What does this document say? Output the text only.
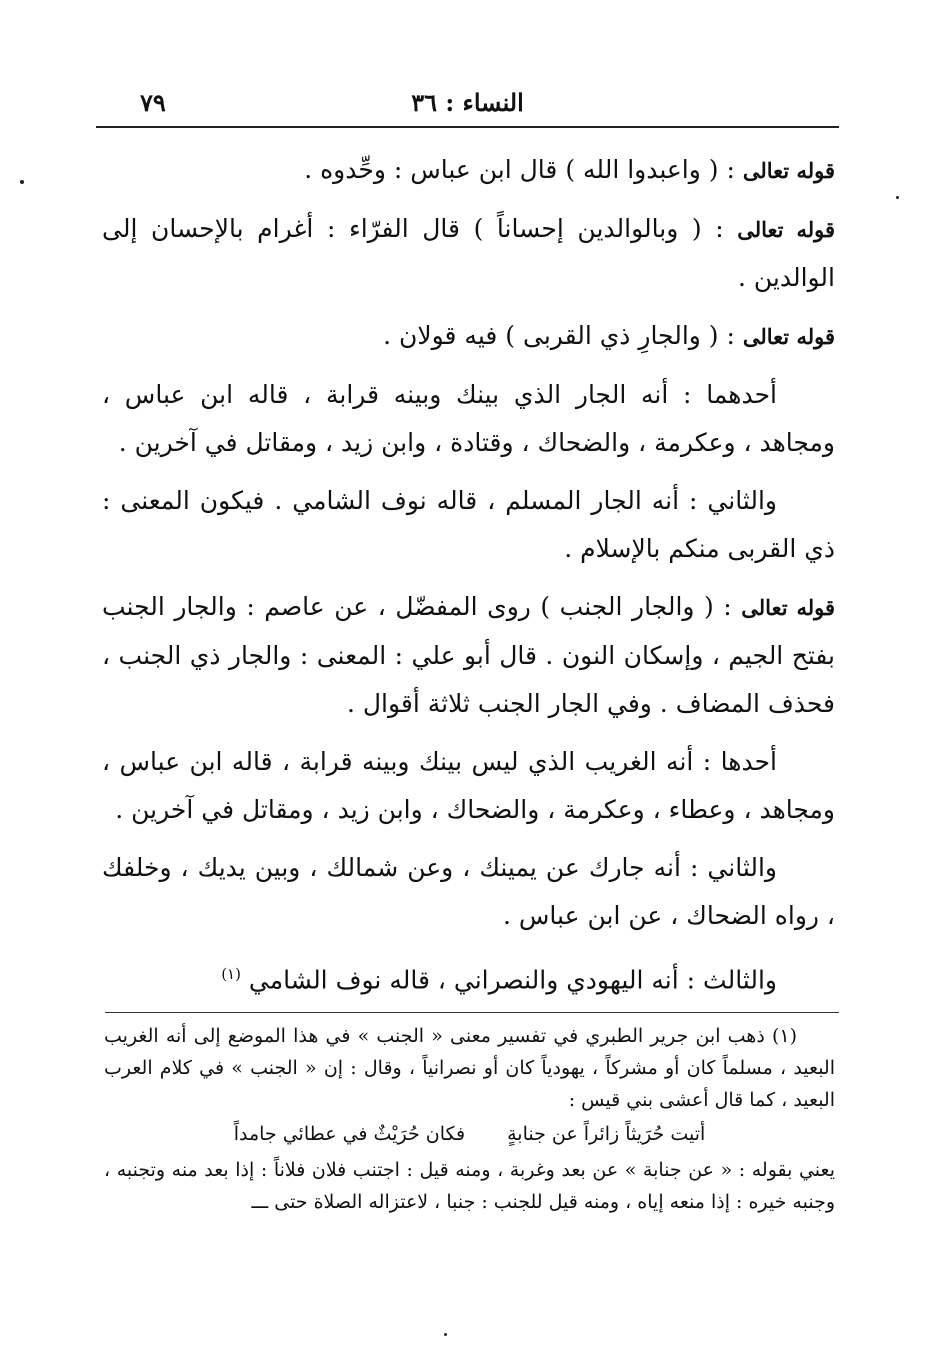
٧٩	النساء : ٣٦

قوله تعالى : ( واعبدوا الله ) قال ابن عباس : وحِّدوه .

قوله تعالى : ( وبالوالدين إحساناً ) قال الفرّاء : أغرام بالإحسان إلى الوالدين .

قوله تعالى : ( والجارِ ذي القربى ) فيه قولان .

أحدهما : أنه الجار الذي بينك وبينه قرابة ، قاله ابن عباس ، ومجاهد ، وعكرمة ، والضحاك ، وقتادة ، وابن زيد ، ومقاتل في آخرين .

والثاني : أنه الجار المسلم ، قاله نوف الشامي . فيكون المعنى : ذي القربى منكم بالإسلام .

قوله تعالى : ( والجار الجنب ) روى المفضّل ، عن عاصم : والجار الجنب بفتح الجيم ، وإسكان النون . قال أبو علي : المعنى : والجار ذي الجنب ، فحذف المضاف . وفي الجار الجنب ثلاثة أقوال .

أحدها : أنه الغريب الذي ليس بينك وبينه قرابة ، قاله ابن عباس ، ومجاهد ، وعطاء ، وعكرمة ، والضحاك ، وابن زيد ، ومقاتل في آخرين .

والثاني : أنه جارك عن يمينك ، وعن شمالك ، وبين يديك ، وخلفك ، رواه الضحاك ، عن ابن عباس .

والثالث : أنه اليهودي والنصراني ، قاله نوف الشامي $^{(١)}$

(١) ذهب ابن جرير الطبري في تفسير معنى « الجنب » في هذا الموضع إلى أنه الغريب البعيد ، مسلماً كان أو مشركاً ، يهودياً كان أو نصرانياً ، وقال : إن « الجنب » في كلام العرب البعيد ، كما قال أعشى بني قيس :

أتيت حُرَيثاً زائراً عن جنابةٍ
فكان حُرَيْثٌ في عطائي جامداً

يعني بقوله : « عن جنابة » عن بعد وغربة ، ومنه قيل : اجتنب فلان فلاناً : إذا بعد منه وتجنبه ، وجنبه خيره : إذا منعه إياه ، ومنه قيل للجنب : جنبا ، لاعتزاله الصلاة حتى ـــ
